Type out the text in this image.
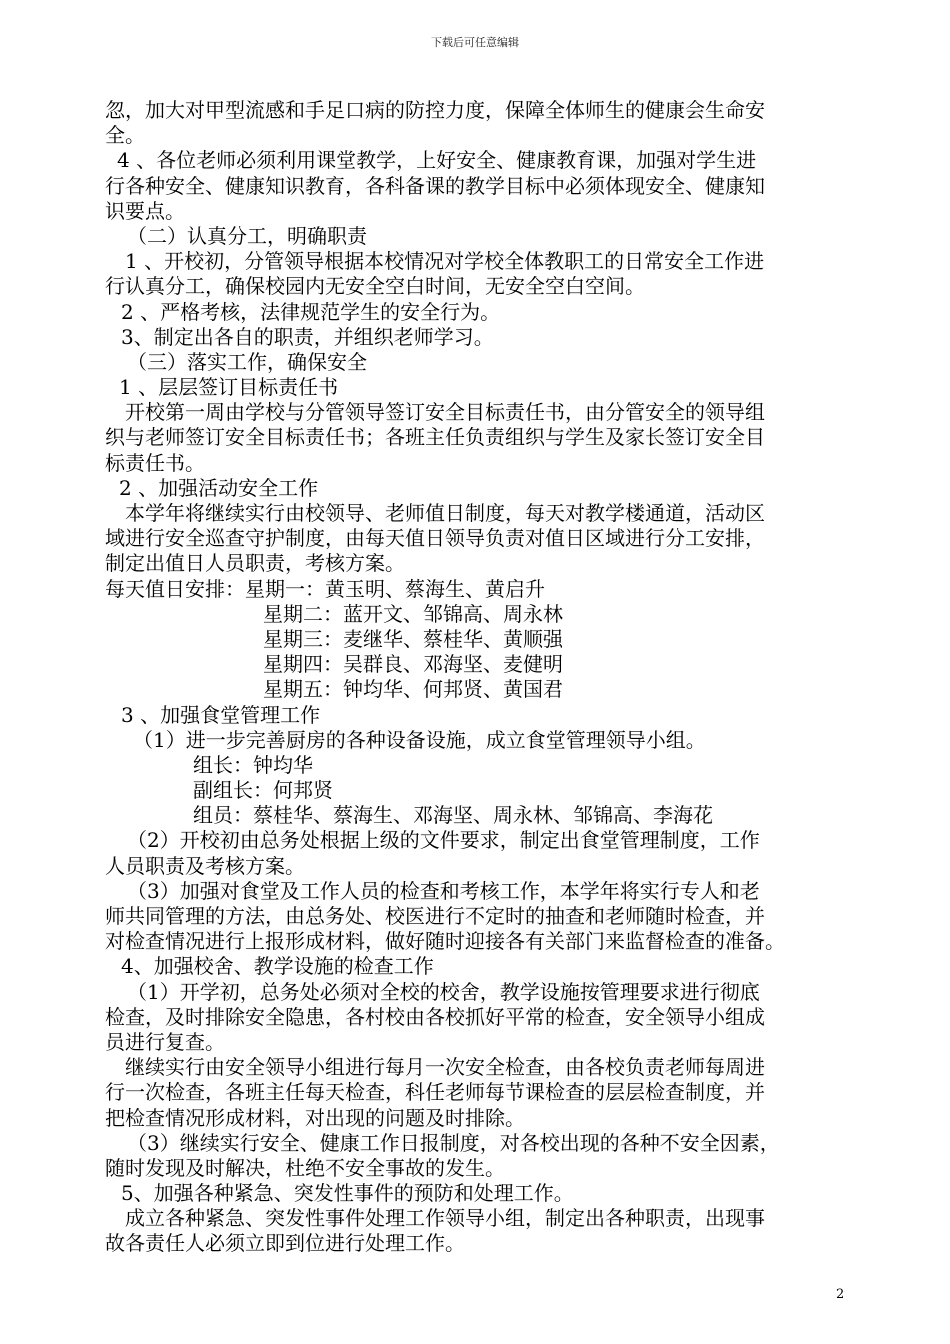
下载后可任意编辑
忽，加大对甲型流感和手足口病的防控力度，保障全体师生的健康会生命安
全。
4 、各位老师必须利用课堂教学，上好安全、健康教育课，加强对学生进
行各种安全、健康知识教育，各科备课的教学目标中必须体现安全、健康知
识要点。
（二）认真分工，明确职责
1 、开校初，分管领导根据本校情况对学校全体教职工的日常安全工作进
行认真分工，确保校园内无安全空白时间，无安全空白空间。
2 、严格考核，法律规范学生的安全行为。
3、制定出各自的职责，并组织老师学习。
（三）落实工作，确保安全
1 、层层签订目标责任书
开校第一周由学校与分管领导签订安全目标责任书，由分管安全的领导组
织与老师签订安全目标责任书；各班主任负责组织与学生及家长签订安全目
标责任书。
2 、加强活动安全工作
本学年将继续实行由校领导、老师值日制度，每天对教学楼通道，活动区
域进行安全巡查守护制度，由每天值日领导负责对值日区域进行分工安排，
制定出值日人员职责，考核方案。
每天值日安排：星期一：黄玉明、蔡海生、黄启升
星期二：蓝开文、邹锦高、周永林
星期三：麦继华、蔡桂华、黄顺强
星期四：吴群良、邓海坚、麦健明
星期五：钟均华、何邦贤、黄国君
3 、加强食堂管理工作
（1）进一步完善厨房的各种设备设施，成立食堂管理领导小组。
组长：钟均华
副组长：何邦贤
组员：蔡桂华、蔡海生、邓海坚、周永林、邹锦高、李海花
（2）开校初由总务处根据上级的文件要求，制定出食堂管理制度，工作
人员职责及考核方案。
（3）加强对食堂及工作人员的检查和考核工作，本学年将实行专人和老
师共同管理的方法，由总务处、校医进行不定时的抽查和老师随时检查，并
对检查情况进行上报形成材料，做好随时迎接各有关部门来监督检查的准备。
4、加强校舍、教学设施的检查工作
（1）开学初，总务处必须对全校的校舍，教学设施按管理要求进行彻底
检查，及时排除安全隐患，各村校由各校抓好平常的检查，安全领导小组成
员进行复查。
继续实行由安全领导小组进行每月一次安全检查，由各校负责老师每周进
行一次检查，各班主任每天检查，科任老师每节课检查的层层检查制度，并
把检查情况形成材料，对出现的问题及时排除。
（3）继续实行安全、健康工作日报制度，对各校出现的各种不安全因素，
随时发现及时解决，杜绝不安全事故的发生。
5、加强各种紧急、突发性事件的预防和处理工作。
成立各种紧急、突发性事件处理工作领导小组，制定出各种职责，出现事
故各责任人必须立即到位进行处理工作。
2
